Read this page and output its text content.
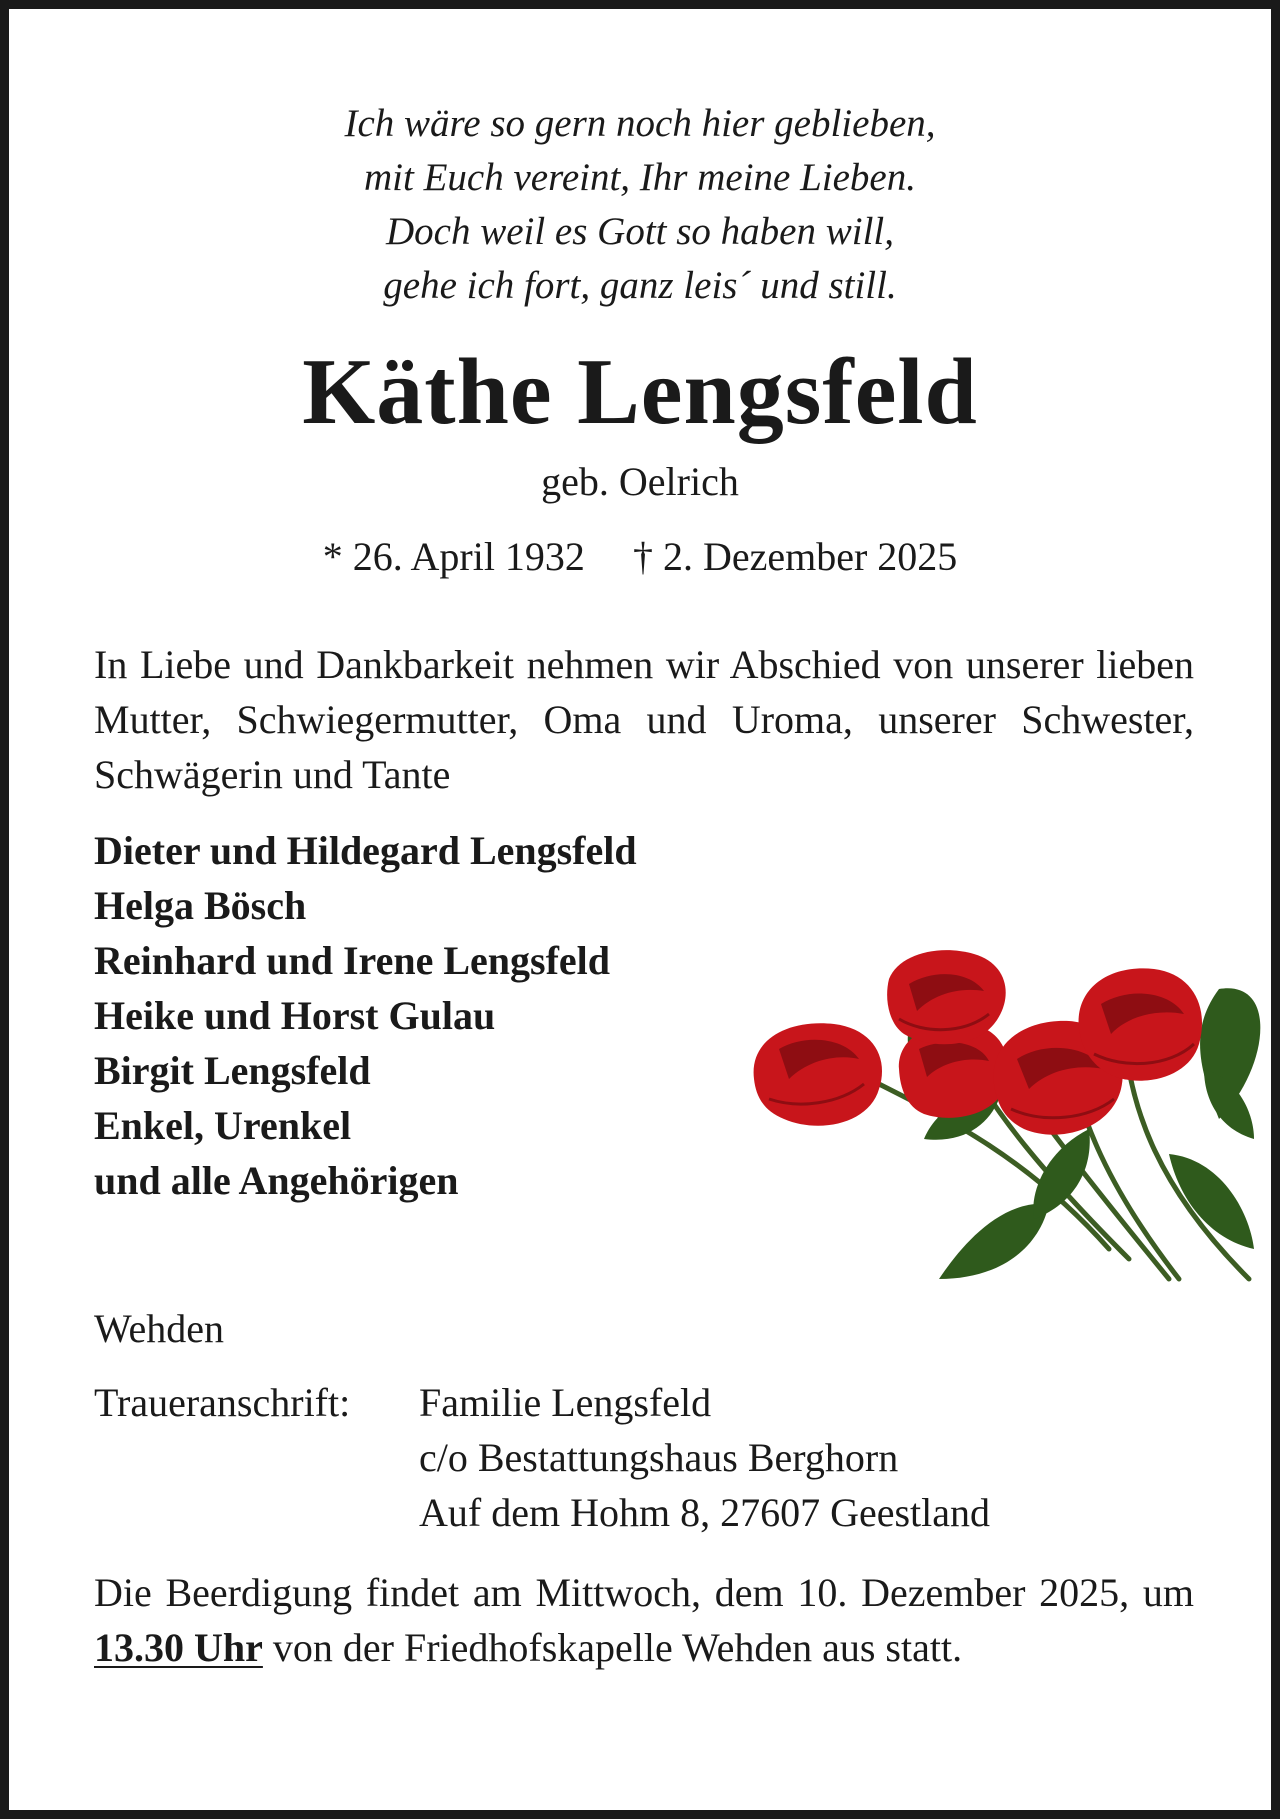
Ich wäre so gern noch hier geblieben,
mit Euch vereint, Ihr meine Lieben.
Doch weil es Gott so haben will,
gehe ich fort, ganz leis´ und still.
Käthe Lengsfeld
geb. Oelrich
* 26. April 1932 † 2. Dezember 2025
In Liebe und Dankbarkeit nehmen wir Abschied von unserer lieben Mutter, Schwiegermutter, Oma und Uroma, unserer Schwester, Schwägerin und Tante
Dieter und Hildegard Lengsfeld
Helga Bösch
Reinhard und Irene Lengsfeld
Heike und Horst Gulau
Birgit Lengsfeld
Enkel, Urenkel
und alle Angehörigen
Wehden
Traueranschrift: Familie Lengsfeld
c/o Bestattungshaus Berghorn
Auf dem Hohm 8, 27607 Geestland
Die Beerdigung findet am Mittwoch, dem 10. Dezember 2025, um 13.30 Uhr von der Friedhofskapelle Wehden aus statt.
